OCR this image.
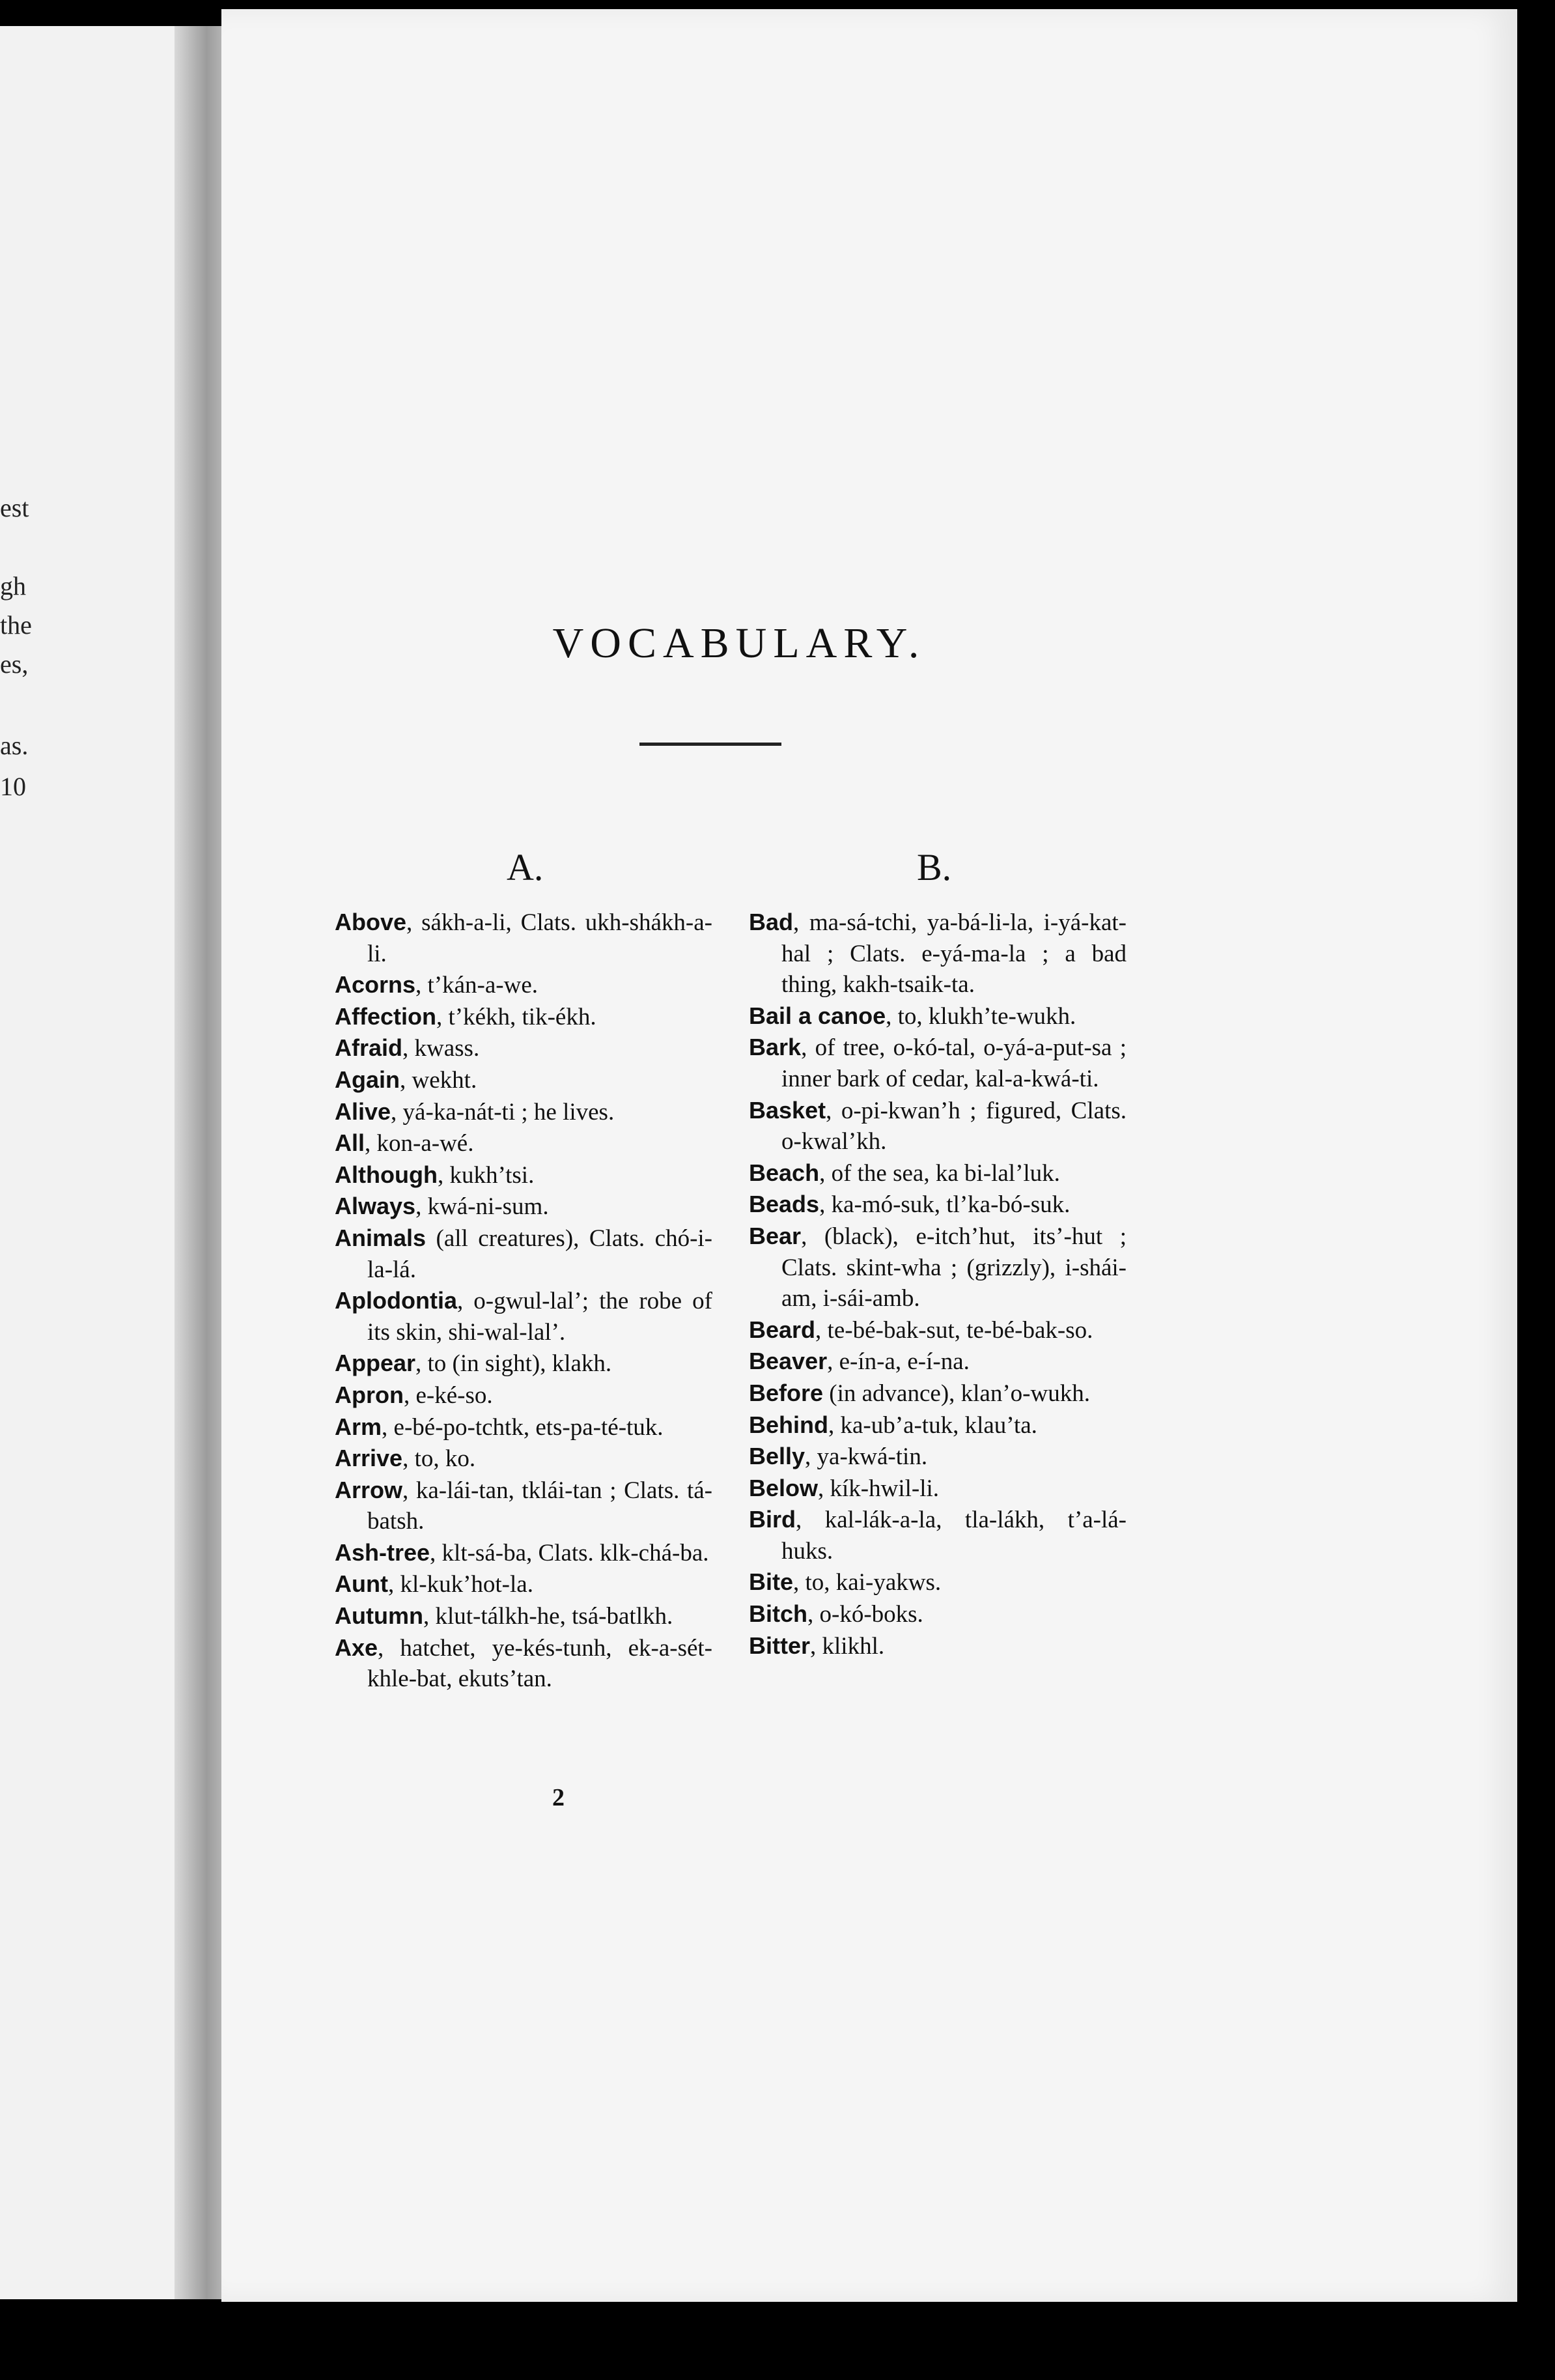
est
gh
the
es,
as.
10
VOCABULARY.
A.	B.
Above, sákh-a-li, Clats. ukh-shákh-a-li.
Acorns, t’kán-a-we.
Affection, t’kékh, tik-ékh.
Afraid, kwass.
Again, wekht.
Alive, yá-ka-nát-ti ; he lives.
All, kon-a-wé.
Although, kukh’tsi.
Always, kwá-ni-sum.
Animals (all creatures), Clats. chó-i-la-lá.
Aplodontia, o-gwul-lal’; the robe of its skin, shi-wal-lal’.
Appear, to (in sight), klakh.
Apron, e-ké-so.
Arm, e-bé-po-tchtk, ets-pa-té-tuk.
Arrive, to, ko.
Arrow, ka-lái-tan, tklái-tan ; Clats. tá-batsh.
Ash-tree, klt-sá-ba, Clats. klk-chá-ba.
Aunt, kl-kuk’hot-la.
Autumn, klut-tálkh-he, tsá-batlkh.
Axe, hatchet, ye-kés-tunh, ek-a-sét-khle-bat, ekuts’tan.
Bad, ma-sá-tchi, ya-bá-li-la, i-yá-kat-hal ; Clats. e-yá-ma-la ; a bad thing, kakh-tsaik-ta.
Bail a canoe, to, klukh’te-wukh.
Bark, of tree, o-kó-tal, o-yá-a-put-sa ; inner bark of cedar, kal-a-kwá-ti.
Basket, o-pi-kwan’h ; figured, Clats. o-kwal’kh.
Beach, of the sea, ka bi-lal’luk.
Beads, ka-mó-suk, tl’ka-bó-suk.
Bear, (black), e-itch’hut, its’-hut ; Clats. skint-wha ; (grizzly), i-shái-am, i-sái-amb.
Beard, te-bé-bak-sut, te-bé-bak-so.
Beaver, e-ín-a, e-í-na.
Before (in advance), klan’o-wukh.
Behind, ka-ub’a-tuk, klau’ta.
Belly, ya-kwá-tin.
Below, kík-hwil-li.
Bird, kal-lák-a-la, tla-lákh, t’a-lá-huks.
Bite, to, kai-yakws.
Bitch, o-kó-boks.
Bitter, klikhl.
2
